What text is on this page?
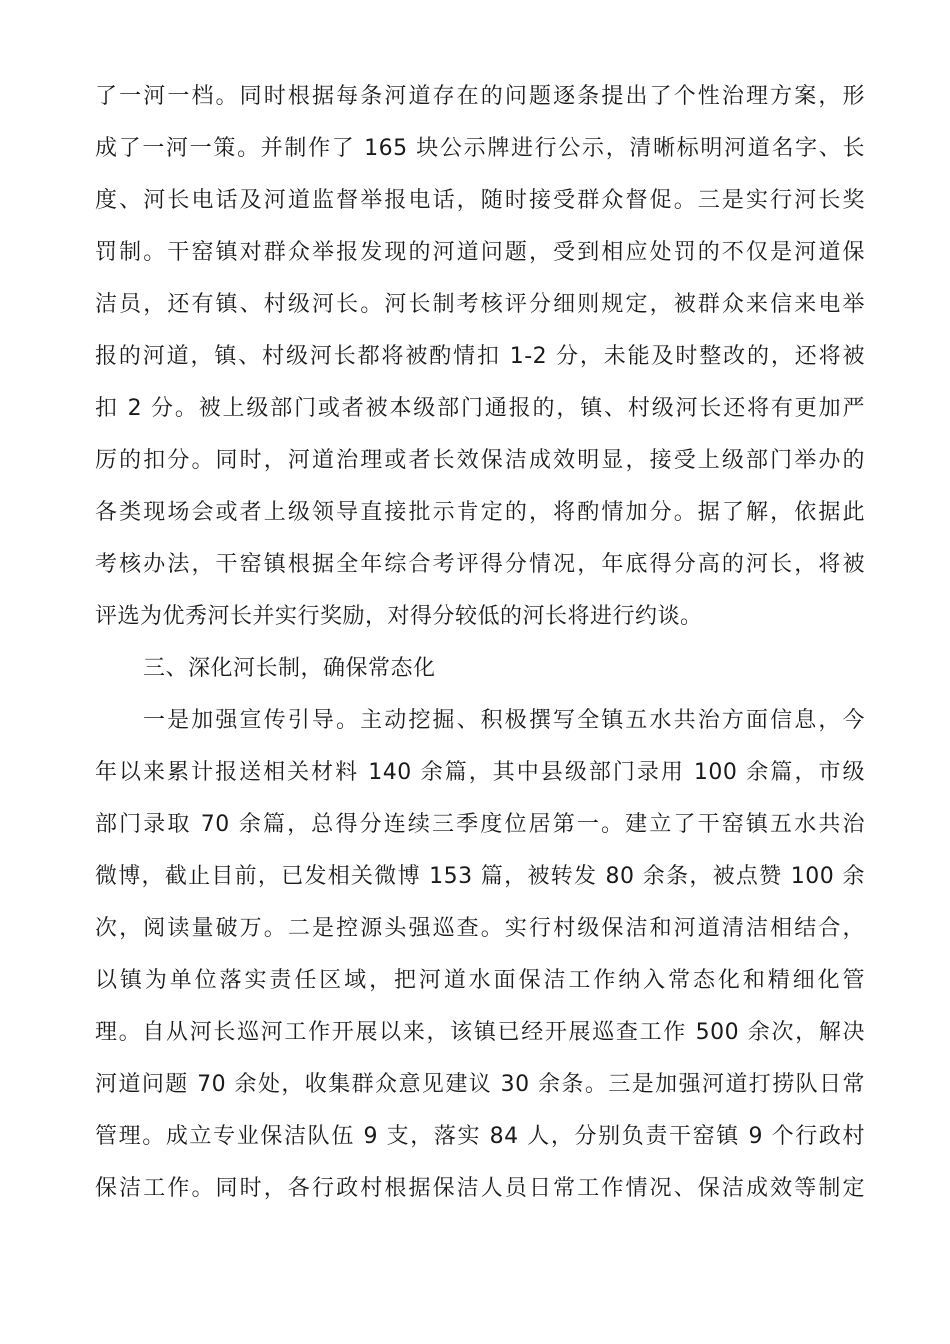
了一河一档。同时根据每条河道存在的问题逐条提出了个性治理方案，形
成了一河一策。并制作了 165 块公示牌进行公示，清晰标明河道名字、长
度、河长电话及河道监督举报电话，随时接受群众督促。三是实行河长奖
罚制。干窑镇对群众举报发现的河道问题，受到相应处罚的不仅是河道保
洁员，还有镇、村级河长。河长制考核评分细则规定，被群众来信来电举
报的河道，镇、村级河长都将被酌情扣 1-2 分，未能及时整改的，还将被
扣 2 分。被上级部门或者被本级部门通报的，镇、村级河长还将有更加严
厉的扣分。同时，河道治理或者长效保洁成效明显，接受上级部门举办的
各类现场会或者上级领导直接批示肯定的，将酌情加分。据了解，依据此
考核办法，干窑镇根据全年综合考评得分情况，年底得分高的河长，将被
评选为优秀河长并实行奖励，对得分较低的河长将进行约谈。
三、深化河长制，确保常态化
一是加强宣传引导。主动挖掘、积极撰写全镇五水共治方面信息，今
年以来累计报送相关材料 140 余篇，其中县级部门录用 100 余篇，市级
部门录取 70 余篇，总得分连续三季度位居第一。建立了干窑镇五水共治
微博，截止目前，已发相关微博 153 篇，被转发 80 余条，被点赞 100 余
次，阅读量破万。二是控源头强巡查。实行村级保洁和河道清洁相结合，
以镇为单位落实责任区域，把河道水面保洁工作纳入常态化和精细化管
理。自从河长巡河工作开展以来，该镇已经开展巡查工作 500 余次，解决
河道问题 70 余处，收集群众意见建议 30 余条。三是加强河道打捞队日常
管理。成立专业保洁队伍 9 支，落实 84 人，分别负责干窑镇 9 个行政村
保洁工作。同时，各行政村根据保洁人员日常工作情况、保洁成效等制定
